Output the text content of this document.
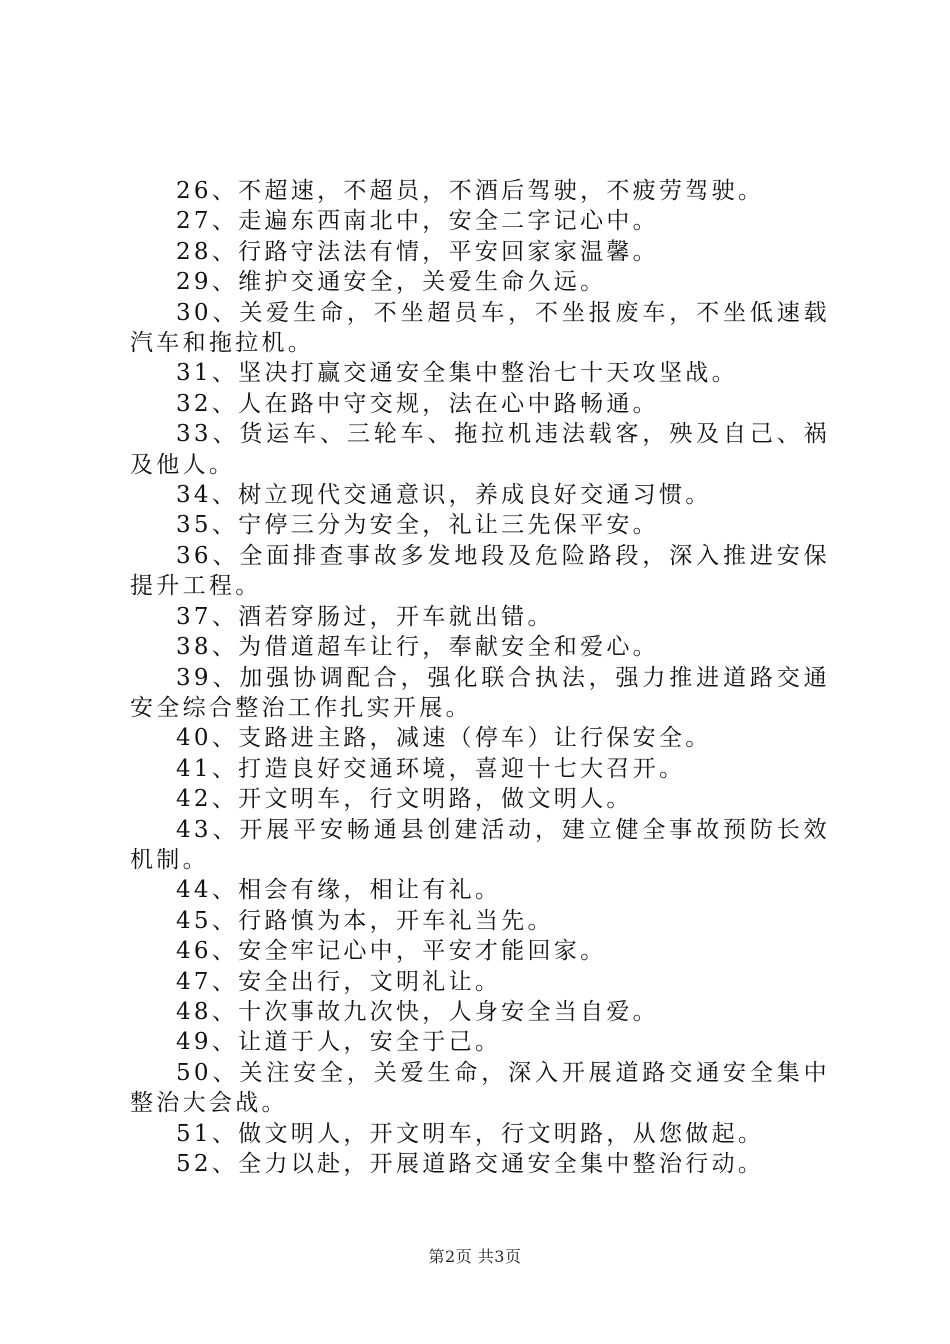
26、不超速，不超员，不酒后驾驶，不疲劳驾驶。

27、走遍东西南北中，安全二字记心中。

28、行路守法法有情，平安回家家温馨。

29、维护交通安全，关爱生命久远。

30、关爱生命，不坐超员车，不坐报废车，不坐低速载汽车和拖拉机。

31、坚决打赢交通安全集中整治七十天攻坚战。

32、人在路中守交规，法在心中路畅通。

33、货运车、三轮车、拖拉机违法载客，殃及自己、祸及他人。

34、树立现代交通意识，养成良好交通习惯。

35、宁停三分为安全，礼让三先保平安。

36、全面排查事故多发地段及危险路段，深入推进安保提升工程。

37、酒若穿肠过，开车就出错。

38、为借道超车让行，奉献安全和爱心。

39、加强协调配合，强化联合执法，强力推进道路交通安全综合整治工作扎实开展。

40、支路进主路，减速（停车）让行保安全。

41、打造良好交通环境，喜迎十七大召开。

42、开文明车，行文明路，做文明人。

43、开展平安畅通县创建活动，建立健全事故预防长效机制。

44、相会有缘，相让有礼。

45、行路慎为本，开车礼当先。

46、安全牢记心中，平安才能回家。

47、安全出行，文明礼让。

48、十次事故九次快，人身安全当自爱。

49、让道于人，安全于己。

50、关注安全，关爱生命，深入开展道路交通安全集中整治大会战。

51、做文明人，开文明车，行文明路，从您做起。

52、全力以赴，开展道路交通安全集中整治行动。

第2页 共3页
